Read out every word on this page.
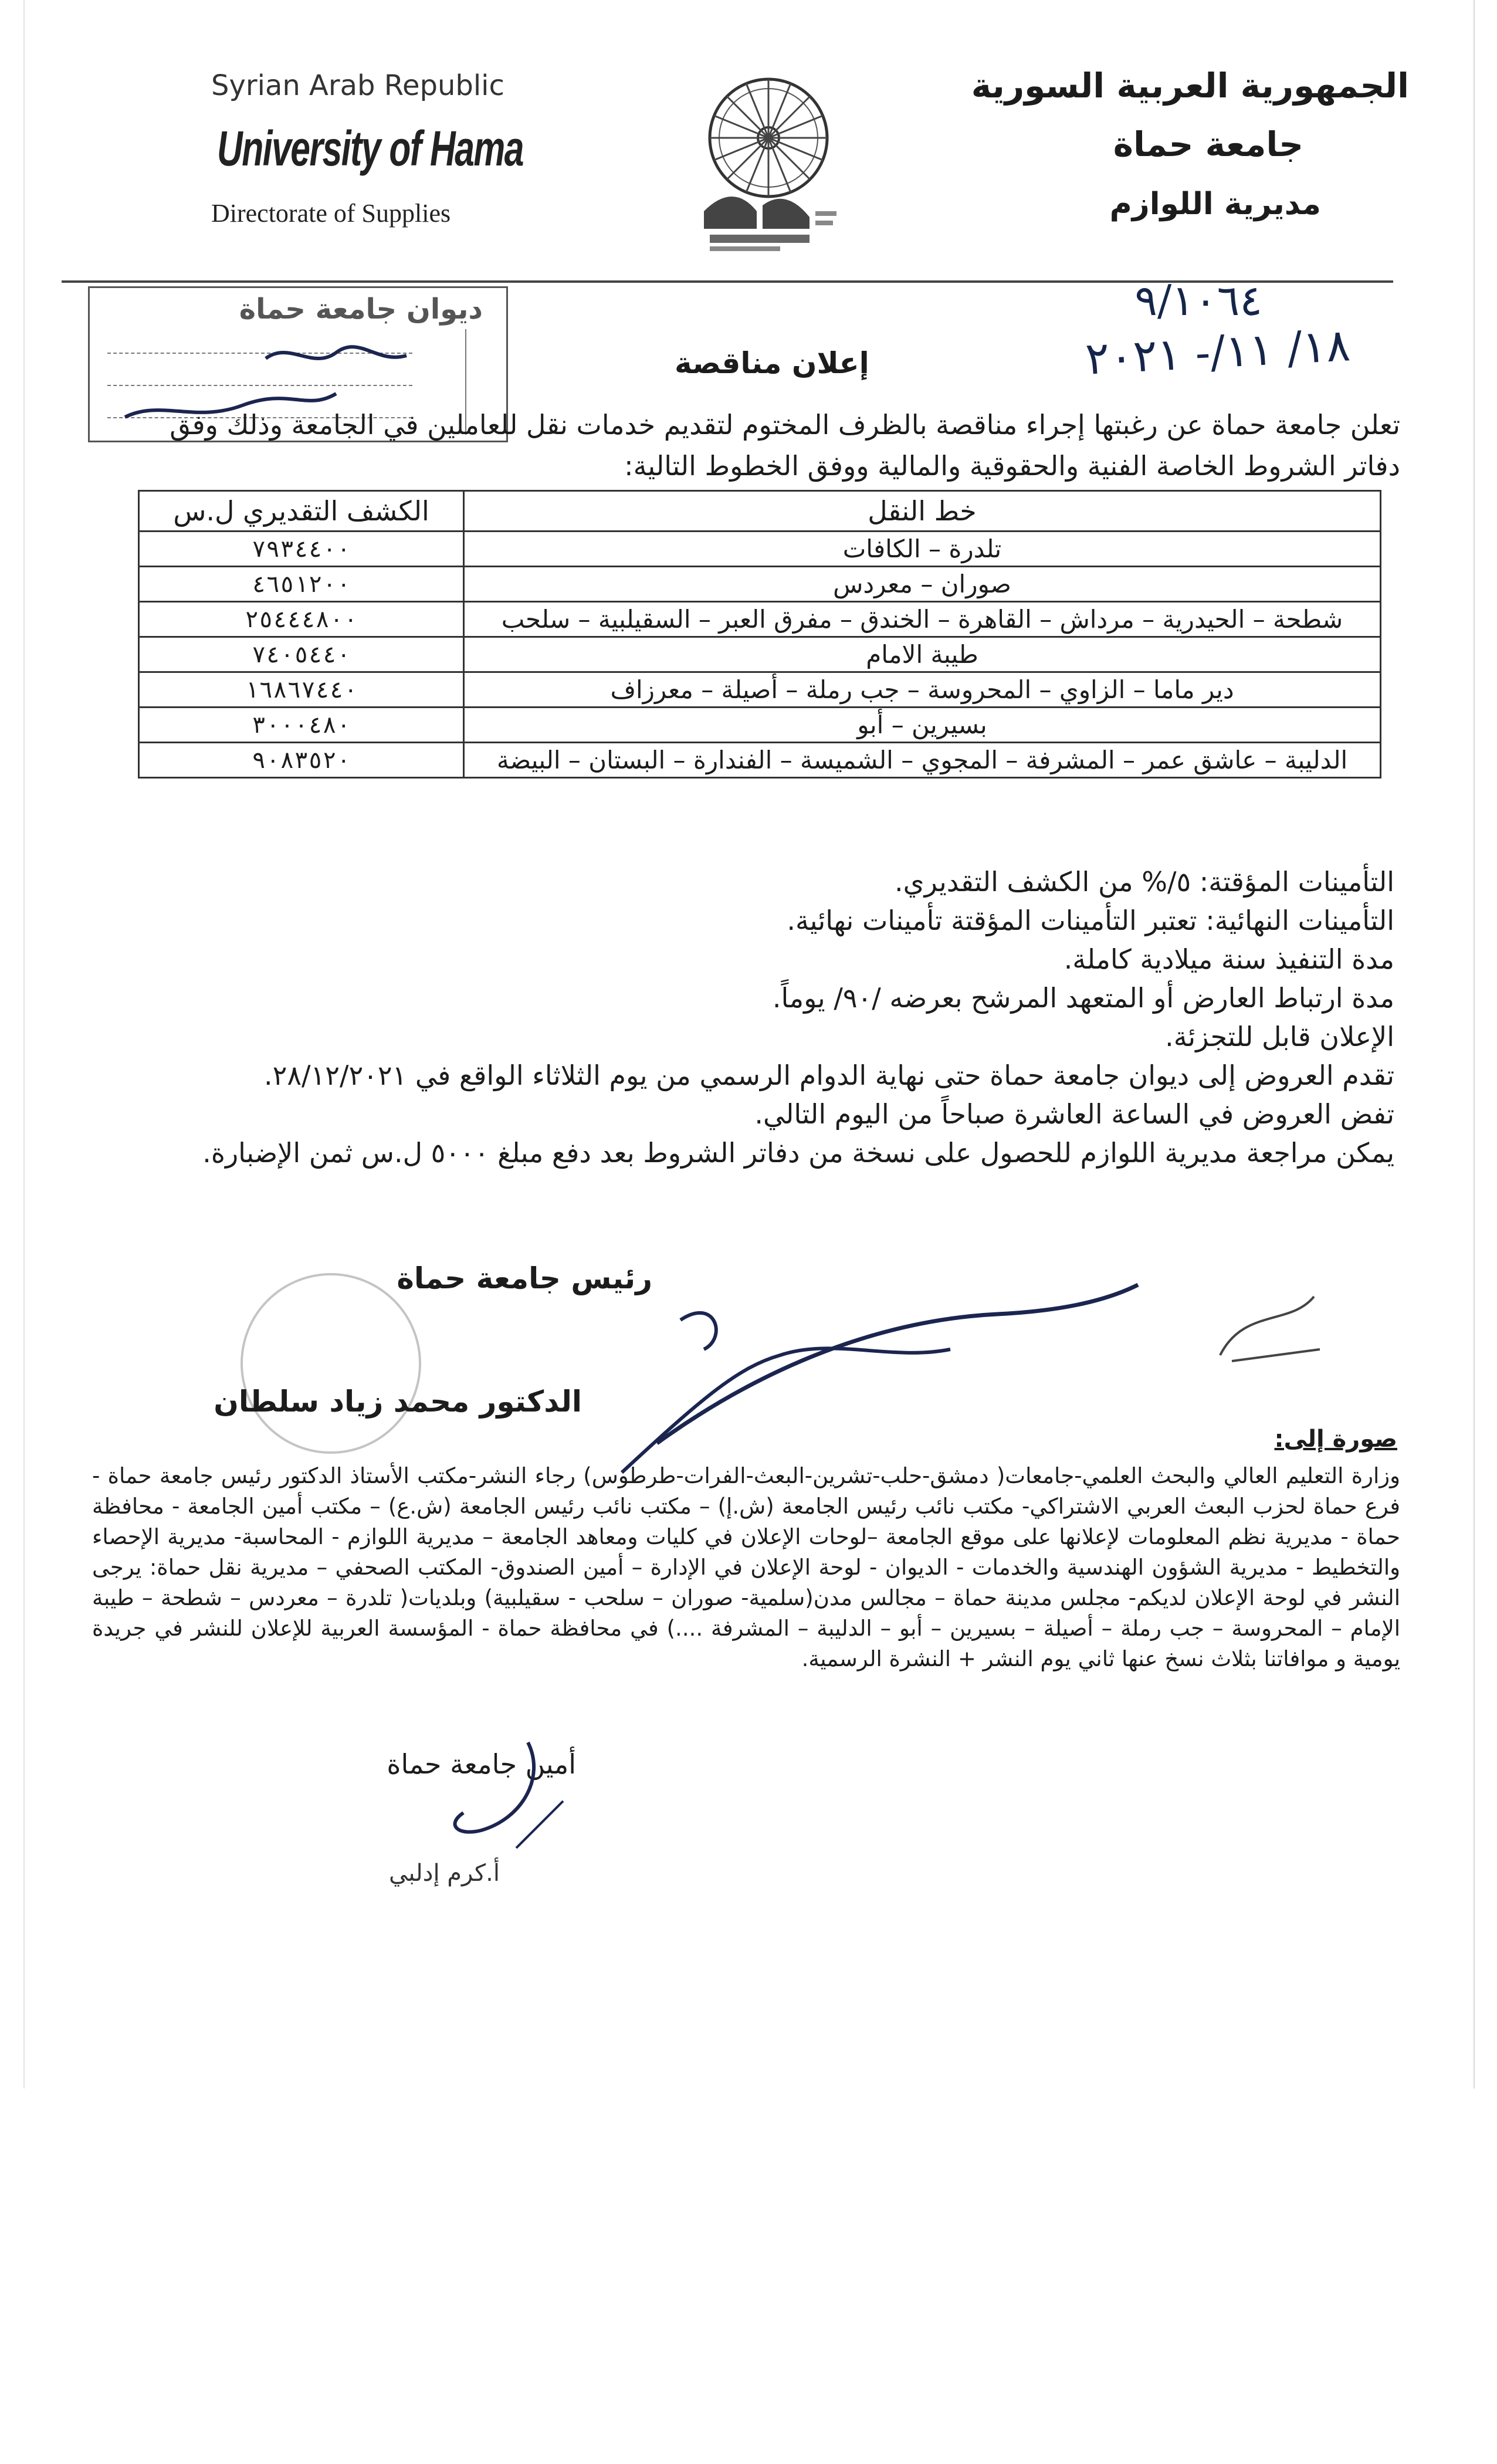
Syrian Arab Republic
University of Hama
Directorate of Supplies
الجمهورية العربية السورية
جامعة حماة
مديرية اللوازم
ديوان جامعة حماة	٩/١٠٦٤
١٨/ ١١/- ٢٠٢١
إعلان مناقصة
تعلن جامعة حماة عن رغبتها إجراء مناقصة بالظرف المختوم لتقديم خدمات نقل للعاملين في الجامعة وذلك وفق
دفاتر الشروط الخاصة الفنية والحقوقية والمالية ووفق الخطوط التالية:
خط النقل	الكشف التقديري ل.س
تلدرة – الكافات	٧٩٣٤٤٠٠
صوران – معردس	٤٦٥١٢٠٠
شطحة – الحيدرية – مرداش – القاهرة – الخندق – مفرق العبر – السقيلبية – سلحب	٢٥٤٤٤٨٠٠
طيبة الامام	٧٤٠٥٤٤٠
دير ماما – الزاوي – المحروسة – جب رملة – أصيلة – معرزاف	١٦٨٦٧٤٤٠
بسيرين – أبو	٣٠٠٠٤٨٠
الدليبة – عاشق عمر – المشرفة – المجوي – الشميسة – الفندارة – البستان – البيضة	٩٠٨٣٥٢٠
التأمينات المؤقتة: ٥/% من الكشف التقديري.
التأمينات النهائية: تعتبر التأمينات المؤقتة تأمينات نهائية.
مدة التنفيذ سنة ميلادية كاملة.
مدة ارتباط العارض أو المتعهد المرشح بعرضه /٩٠/ يوماً.
الإعلان قابل للتجزئة.
تقدم العروض إلى ديوان جامعة حماة حتى نهاية الدوام الرسمي من يوم الثلاثاء الواقع في ٢٨/١٢/٢٠٢١.
تفض العروض في الساعة العاشرة صباحاً من اليوم التالي.
يمكن مراجعة مديرية اللوازم للحصول على نسخة من دفاتر الشروط بعد دفع مبلغ ٥٠٠٠ ل.س ثمن الإضبارة.
رئيس جامعة حماة
الدكتور محمد زياد سلطان
صورة إلى:
وزارة التعليم العالي والبحث العلمي-جامعات( دمشق-حلب-تشرين-البعث-الفرات-طرطوس) رجاء النشر-مكتب الأستاذ الدكتور رئيس جامعة حماة - فرع حماة لحزب البعث العربي الاشتراكي- مكتب نائب رئيس الجامعة (ش.إ) – مكتب نائب رئيس الجامعة (ش.ع) – مكتب أمين الجامعة - محافظة حماة - مديرية نظم المعلومات لإعلانها على موقع الجامعة –لوحات الإعلان في كليات ومعاهد الجامعة – مديرية اللوازم - المحاسبة- مديرية الإحصاء والتخطيط - مديرية الشؤون الهندسية والخدمات - الديوان - لوحة الإعلان في الإدارة – أمين الصندوق- المكتب الصحفي – مديرية نقل حماة: يرجى النشر في لوحة الإعلان لديكم- مجلس مدينة حماة – مجالس مدن(سلمية- صوران – سلحب - سقيلبية) وبلديات( تلدرة – معردس – شطحة – طيبة الإمام – المحروسة – جب رملة – أصيلة – بسيرين – أبو – الدليبة – المشرفة ....) في محافظة حماة - المؤسسة العربية للإعلان للنشر في جريدة يومية و موافاتنا بثلاث نسخ عنها ثاني يوم النشر + النشرة الرسمية.
أمين جامعة حماة
أ.كرم إدلبي
